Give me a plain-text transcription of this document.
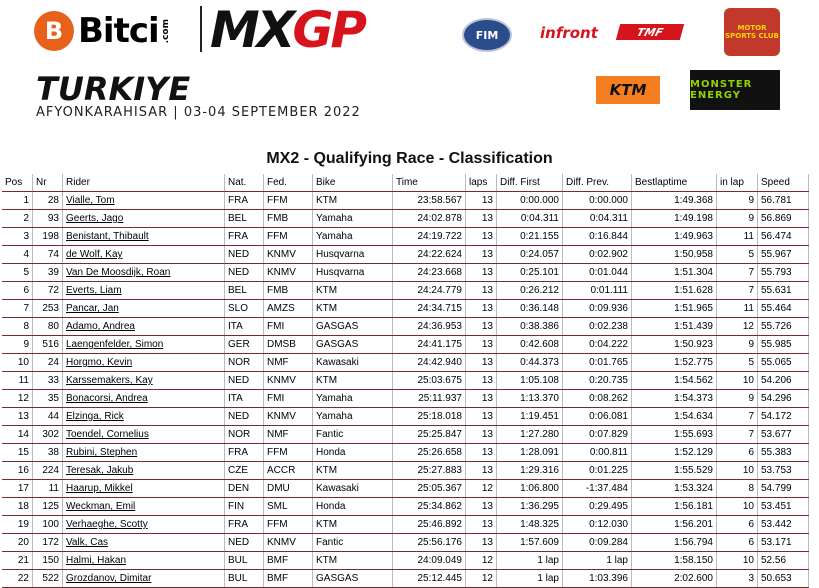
B Bitci .com MXGP	FIM	infront	TMF	MOTOR SPORTS CLUB
KTM	MONSTER ENERGY
TURKIYE
AFYONKARAHISAR | 03-04 SEPTEMBER 2022
MX2 - Qualifying Race - Classification
Pos	Nr	Rider	Nat.	Fed.	Bike	Time	laps	Diff. First	Diff. Prev.	Bestlaptime	in lap	Speed
1	28	Vialle, Tom	FRA	FFM	KTM	23:58.567	13	0:00.000	0:00.000	1:49.368	9	56.781
2	93	Geerts, Jago	BEL	FMB	Yamaha	24:02.878	13	0:04.311	0:04.311	1:49.198	9	56.869
3	198	Benistant, Thibault	FRA	FFM	Yamaha	24:19.722	13	0:21.155	0:16.844	1:49.963	11	56.474
4	74	de Wolf, Kay	NED	KNMV	Husqvarna	24:22.624	13	0:24.057	0:02.902	1:50.958	5	55.967
5	39	Van De Moosdijk, Roan	NED	KNMV	Husqvarna	24:23.668	13	0:25.101	0:01.044	1:51.304	7	55.793
6	72	Everts, Liam	BEL	FMB	KTM	24:24.779	13	0:26.212	0:01.111	1:51.628	7	55.631
7	253	Pancar, Jan	SLO	AMZS	KTM	24:34.715	13	0:36.148	0:09.936	1:51.965	11	55.464
8	80	Adamo, Andrea	ITA	FMI	GASGAS	24:36.953	13	0:38.386	0:02.238	1:51.439	12	55.726
9	516	Laengenfelder, Simon	GER	DMSB	GASGAS	24:41.175	13	0:42.608	0:04.222	1:50.923	9	55.985
10	24	Horgmo, Kevin	NOR	NMF	Kawasaki	24:42.940	13	0:44.373	0:01.765	1:52.775	5	55.065
11	33	Karssemakers, Kay	NED	KNMV	KTM	25:03.675	13	1:05.108	0:20.735	1:54.562	10	54.206
12	35	Bonacorsi, Andrea	ITA	FMI	Yamaha	25:11.937	13	1:13.370	0:08.262	1:54.373	9	54.296
13	44	Elzinga, Rick	NED	KNMV	Yamaha	25:18.018	13	1:19.451	0:06.081	1:54.634	7	54.172
14	302	Toendel, Cornelius	NOR	NMF	Fantic	25:25.847	13	1:27.280	0:07.829	1:55.693	7	53.677
15	38	Rubini, Stephen	FRA	FFM	Honda	25:26.658	13	1:28.091	0:00.811	1:52.129	6	55.383
16	224	Teresak, Jakub	CZE	ACCR	KTM	25:27.883	13	1:29.316	0:01.225	1:55.529	10	53.753
17	11	Haarup, Mikkel	DEN	DMU	Kawasaki	25:05.367	12	1:06.800	-1:37.484	1:53.324	8	54.799
18	125	Weckman, Emil	FIN	SML	Honda	25:34.862	13	1:36.295	0:29.495	1:56.181	10	53.451
19	100	Verhaeghe, Scotty	FRA	FFM	KTM	25:46.892	13	1:48.325	0:12.030	1:56.201	6	53.442
20	172	Valk, Cas	NED	KNMV	Fantic	25:56.176	13	1:57.609	0:09.284	1:56.794	6	53.171
21	150	Halmi, Hakan	BUL	BMF	KTM	24:09.049	12	1 lap	1 lap	1:58.150	10	52.56
22	522	Grozdanov, Dimitar	BUL	BMF	GASGAS	25:12.445	12	1 lap	1:03.396	2:02.600	3	50.653
